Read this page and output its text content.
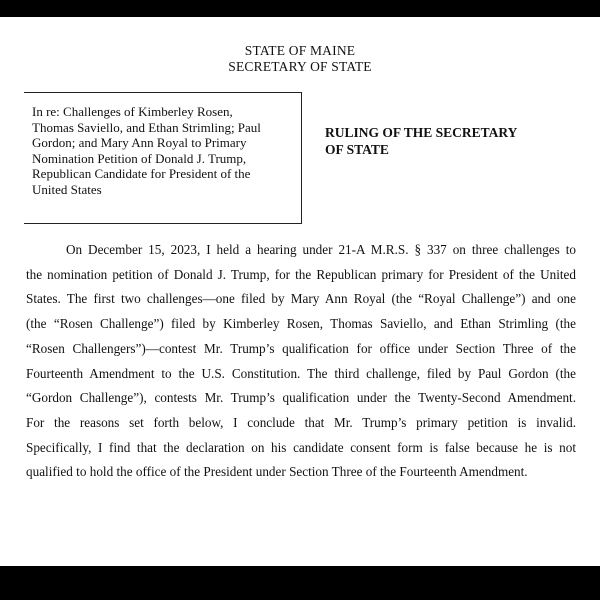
STATE OF MAINE
SECRETARY OF STATE
In re: Challenges of Kimberley Rosen,
Thomas Saviello, and Ethan Strimling; Paul
Gordon; and Mary Ann Royal to Primary
Nomination Petition of Donald J. Trump,
Republican Candidate for President of the
United States
RULING OF THE SECRETARY
OF STATE
On December 15, 2023, I held a hearing under 21-A M.R.S. § 337 on three challenges to
the nomination petition of Donald J. Trump, for the Republican primary for President of the United
States. The first two challenges—one filed by Mary Ann Royal (the “Royal Challenge”) and one
(the “Rosen Challenge”) filed by Kimberley Rosen, Thomas Saviello, and Ethan Strimling (the
“Rosen Challengers”)—contest Mr. Trump’s qualification for office under Section Three of the
Fourteenth Amendment to the U.S. Constitution. The third challenge, filed by Paul Gordon (the
“Gordon Challenge”), contests Mr. Trump’s qualification under the Twenty-Second Amendment.
For the reasons set forth below, I conclude that Mr. Trump’s primary petition is invalid.
Specifically, I find that the declaration on his candidate consent form is false because he is not
qualified to hold the office of the President under Section Three of the Fourteenth Amendment.
